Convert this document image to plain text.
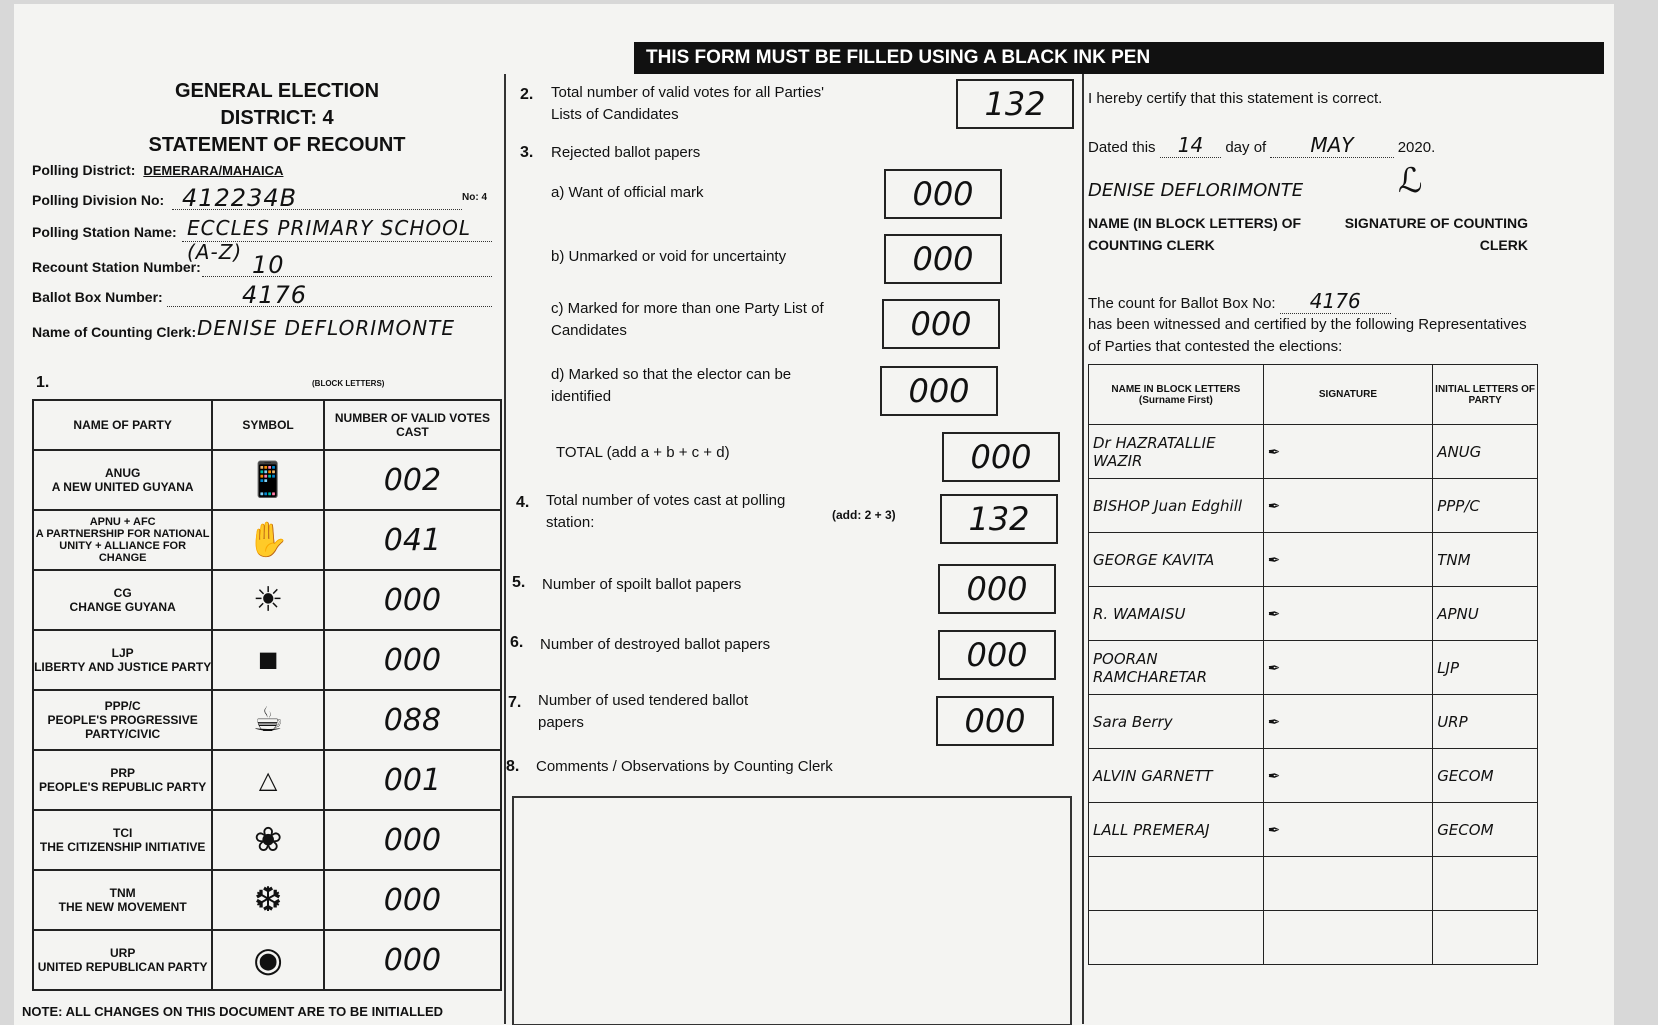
THIS FORM MUST BE FILLED USING A BLACK INK PEN
GENERAL ELECTION
DISTRICT: 4
STATEMENT OF RECOUNT
Polling District: DEMERARA/MAHAICA
Polling Division No: 412234B	No: 4
Polling Station Name: ECCLES PRIMARY SCHOOL (A-Z)
Recount Station Number: 10
Ballot Box Number:	4176
Name of Counting Clerk: DENISE DEFLORIMONTE
(BLOCK LETTERS)
1.
NAME OF PARTY	SYMBOL	NUMBER OF VALID VOTES CAST
ANUG
A NEW UNITED GUYANA	📱	002
APNU + AFC
A PARTNERSHIP FOR NATIONAL UNITY + ALLIANCE FOR CHANGE	✋	041
CG
CHANGE GUYANA	☀	000
LJP
LIBERTY AND JUSTICE PARTY	■	000
PPP/C
PEOPLE'S PROGRESSIVE PARTY/CIVIC	☕	088
PRP
PEOPLE'S REPUBLIC PARTY	△	001
TCI
THE CITIZENSHIP INITIATIVE	❀	000
TNM
THE NEW MOVEMENT	❆	000
URP
UNITED REPUBLICAN PARTY	◉	000
NOTE: ALL CHANGES ON THIS DOCUMENT ARE TO BE INITIALLED
2. Total number of valid votes for all Parties' Lists of Candidates	132
3. Rejected ballot papers
a) Want of official mark	000
b) Unmarked or void for uncertainty	000
c) Marked for more than one Party List of Candidates	000
d) Marked so that the elector can be identified	000
TOTAL (add a + b + c + d)	000
4. Total number of votes cast at polling station:	(add: 2 + 3)	132
5. Number of spoilt ballot papers	000
6. Number of destroyed ballot papers	000
7. Number of used tendered ballot papers	000
8. Comments / Observations by Counting Clerk
I hereby certify that this statement is correct.
Dated this 14 day of MAY	2020.
DENISE DEFLORIMONTE	ℒ
NAME (IN BLOCK LETTERS) OF COUNTING CLERK
SIGNATURE OF COUNTING CLERK
The count for Ballot Box No: 4176
has been witnessed and certified by the following Representatives of Parties that contested the elections:
NAME IN BLOCK LETTERS (Surname First)	SIGNATURE	INITIAL LETTERS OF PARTY
Dr HAZRATALLIE WAZIR	✒	ANUG
BISHOP Juan Edghill	✒	PPP/C
GEORGE KAVITA	✒	TNM
R. WAMAISU	✒	APNU
POORAN RAMCHARETAR	✒	LJP
Sara Berry	✒	URP
ALVIN GARNETT	✒	GECOM
LALL PREMERAJ	✒	GECOM
